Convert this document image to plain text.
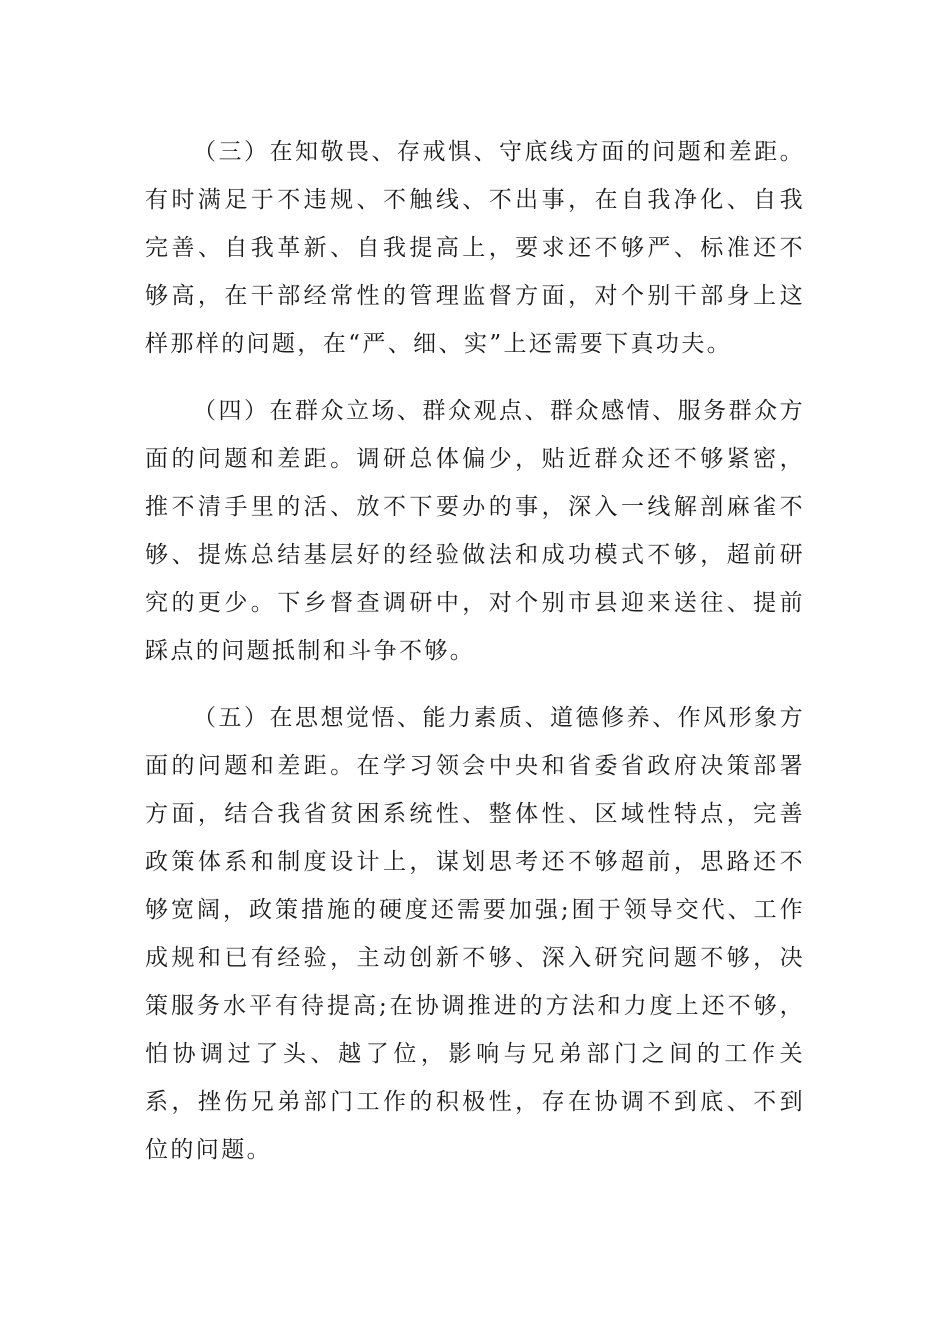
（三）在知敬畏、存戒惧、守底线方面的问题和差距。有时满足于不违规、不触线、不出事，在自我净化、自我完善、自我革新、自我提高上，要求还不够严、标准还不够高，在干部经常性的管理监督方面，对个别干部身上这样那样的问题，在“严、细、实”上还需要下真功夫。

（四）在群众立场、群众观点、群众感情、服务群众方面的问题和差距。调研总体偏少，贴近群众还不够紧密，推不清手里的活、放不下要办的事，深入一线解剖麻雀不够、提炼总结基层好的经验做法和成功模式不够，超前研究的更少。下乡督查调研中，对个别市县迎来送往、提前踩点的问题抵制和斗争不够。

（五）在思想觉悟、能力素质、道德修养、作风形象方面的问题和差距。在学习领会中央和省委省政府决策部署方面，结合我省贫困系统性、整体性、区域性特点，完善政策体系和制度设计上，谋划思考还不够超前，思路还不够宽阔，政策措施的硬度还需要加强;囿于领导交代、工作成规和已有经验，主动创新不够、深入研究问题不够，决策服务水平有待提高;在协调推进的方法和力度上还不够，怕协调过了头、越了位，影响与兄弟部门之间的工作关系，挫伤兄弟部门工作的积极性，存在协调不到底、不到位的问题。
